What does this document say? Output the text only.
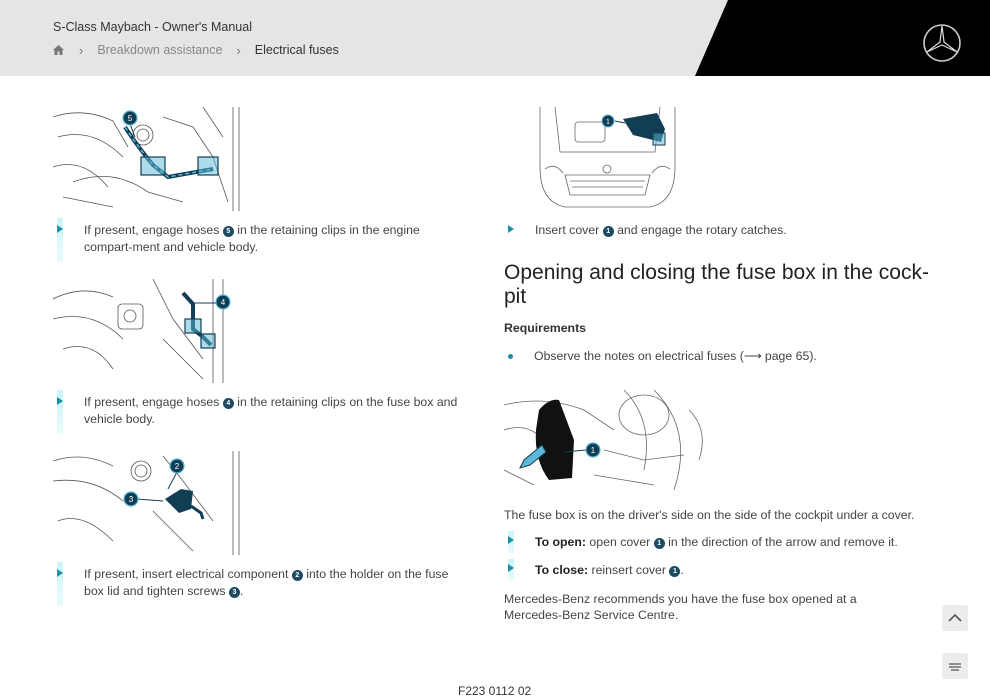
S-Class Maybach - Owner's Manual
› Breakdown assistance › Electrical fuses
5
If present, engage hoses 5 in the retaining clips in the engine compart-ment and vehicle body.
4
If present, engage hoses 4 in the retaining clips on the fuse box and vehicle body.
2
3
If present, insert electrical component 2 into the holder on the fuse box lid and tighten screws 3 .
1
Insert cover 1 and engage the rotary catches.
Opening and closing the fuse box in the cock-pit
Requirements
Observe the notes on electrical fuses (⟶ page 65).
1
The fuse box is on the driver's side on the side of the cockpit under a cover.
To open: open cover 1 in the direction of the arrow and remove it.
To close: reinsert cover 1 .
Mercedes-Benz recommends you have the fuse box opened at a Mercedes-Benz Service Centre.
F223 0112 02
